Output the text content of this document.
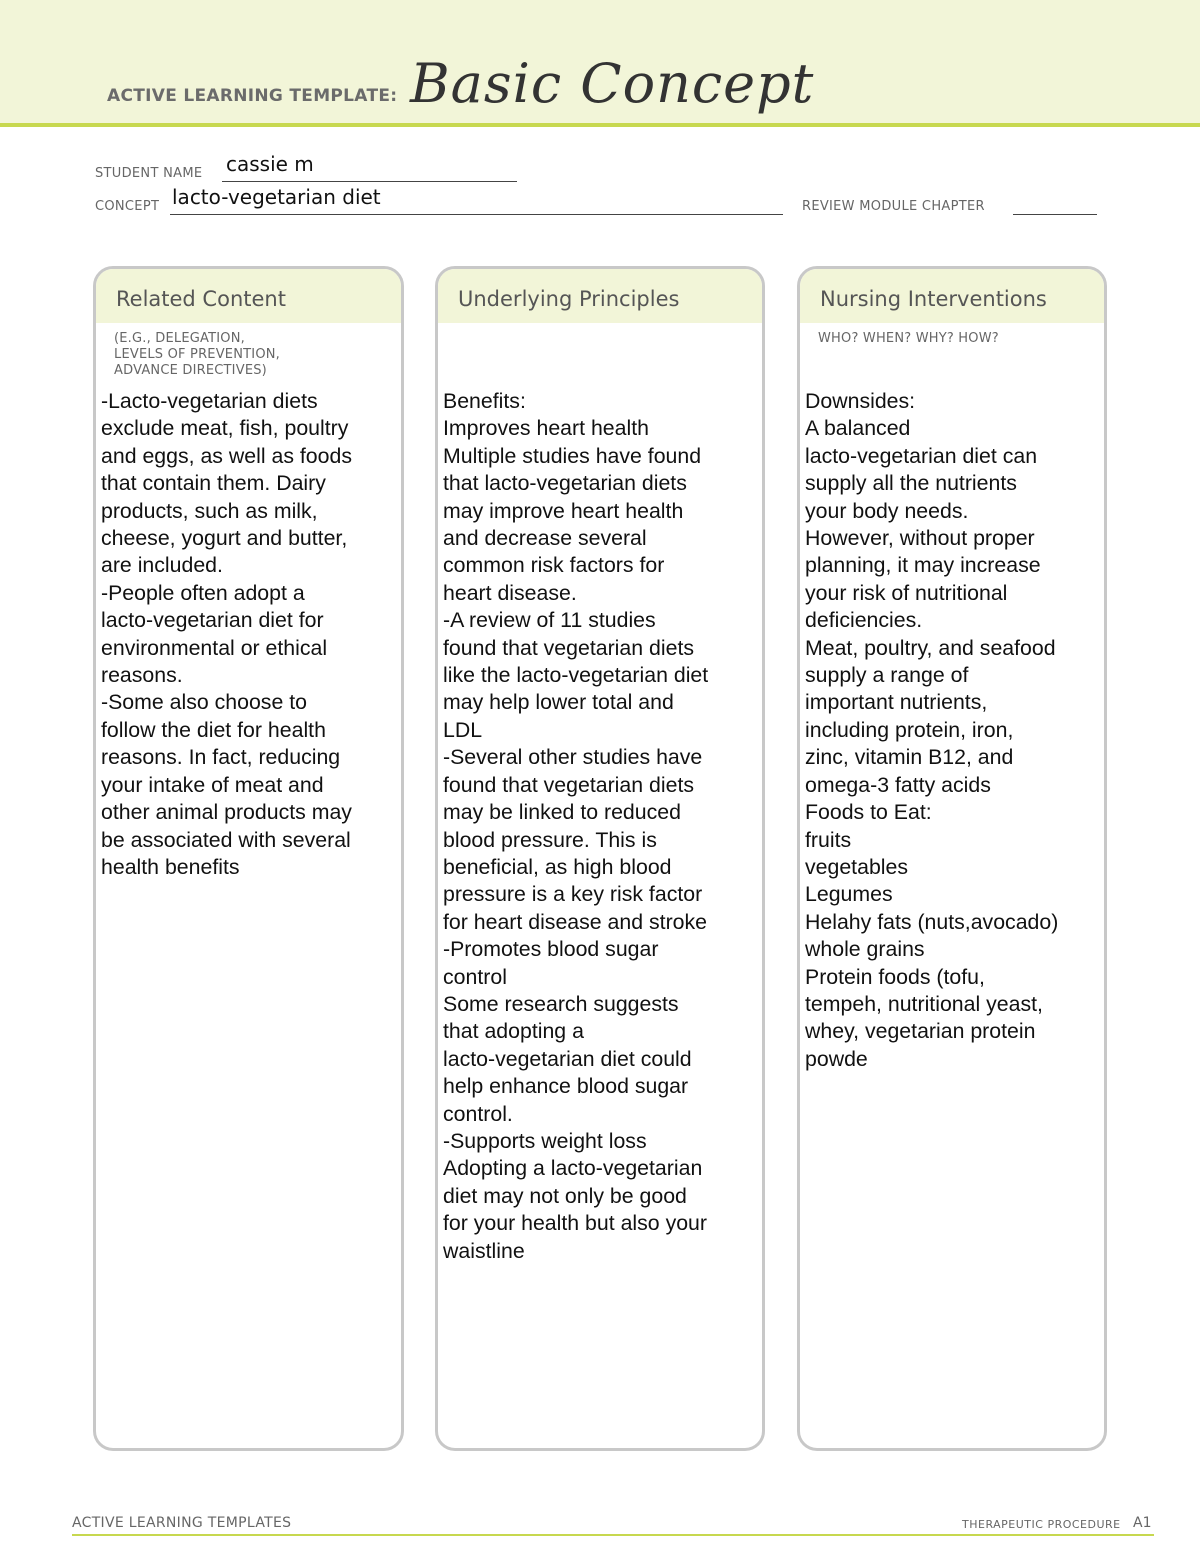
ACTIVE LEARNING TEMPLATE: Basic Concept
STUDENT NAME cassie m
CONCEPT lacto-vegetarian diet	REVIEW MODULE CHAPTER
Related Content
(E.G., DELEGATION,
LEVELS OF PREVENTION,
ADVANCE DIRECTIVES)
-Lacto-vegetarian diets
exclude meat, fish, poultry
and eggs, as well as foods
that contain them. Dairy
products, such as milk,
cheese, yogurt and butter,
are included.
-People often adopt a
lacto-vegetarian diet for
environmental or ethical
reasons.
-Some also choose to
follow the diet for health
reasons. In fact, reducing
your intake of meat and
other animal products may
be associated with several
health benefits
Underlying Principles
Benefits:
Improves heart health
Multiple studies have found
that lacto-vegetarian diets
may improve heart health
and decrease several
common risk factors for
heart disease.
-A review of 11 studies
found that vegetarian diets
like the lacto-vegetarian diet
may help lower total and
LDL
-Several other studies have
found that vegetarian diets
may be linked to reduced
blood pressure. This is
beneficial, as high blood
pressure is a key risk factor
for heart disease and stroke
-Promotes blood sugar
control
Some research suggests
that adopting a
lacto-vegetarian diet could
help enhance blood sugar
control.
-Supports weight loss
Adopting a lacto-vegetarian
diet may not only be good
for your health but also your
waistline
Nursing Interventions
WHO? WHEN? WHY? HOW?
Downsides:
A balanced
lacto-vegetarian diet can
supply all the nutrients
your body needs.
However, without proper
planning, it may increase
your risk of nutritional
deficiencies.
Meat, poultry, and seafood
supply a range of
important nutrients,
including protein, iron,
zinc, vitamin B12, and
omega-3 fatty acids
Foods to Eat:
fruits
vegetables
Legumes
Helahy fats (nuts,avocado)
whole grains
Protein foods (tofu,
tempeh, nutritional yeast,
whey, vegetarian protein
powde
ACTIVE LEARNING TEMPLATES	THERAPEUTIC PROCEDURE A1
